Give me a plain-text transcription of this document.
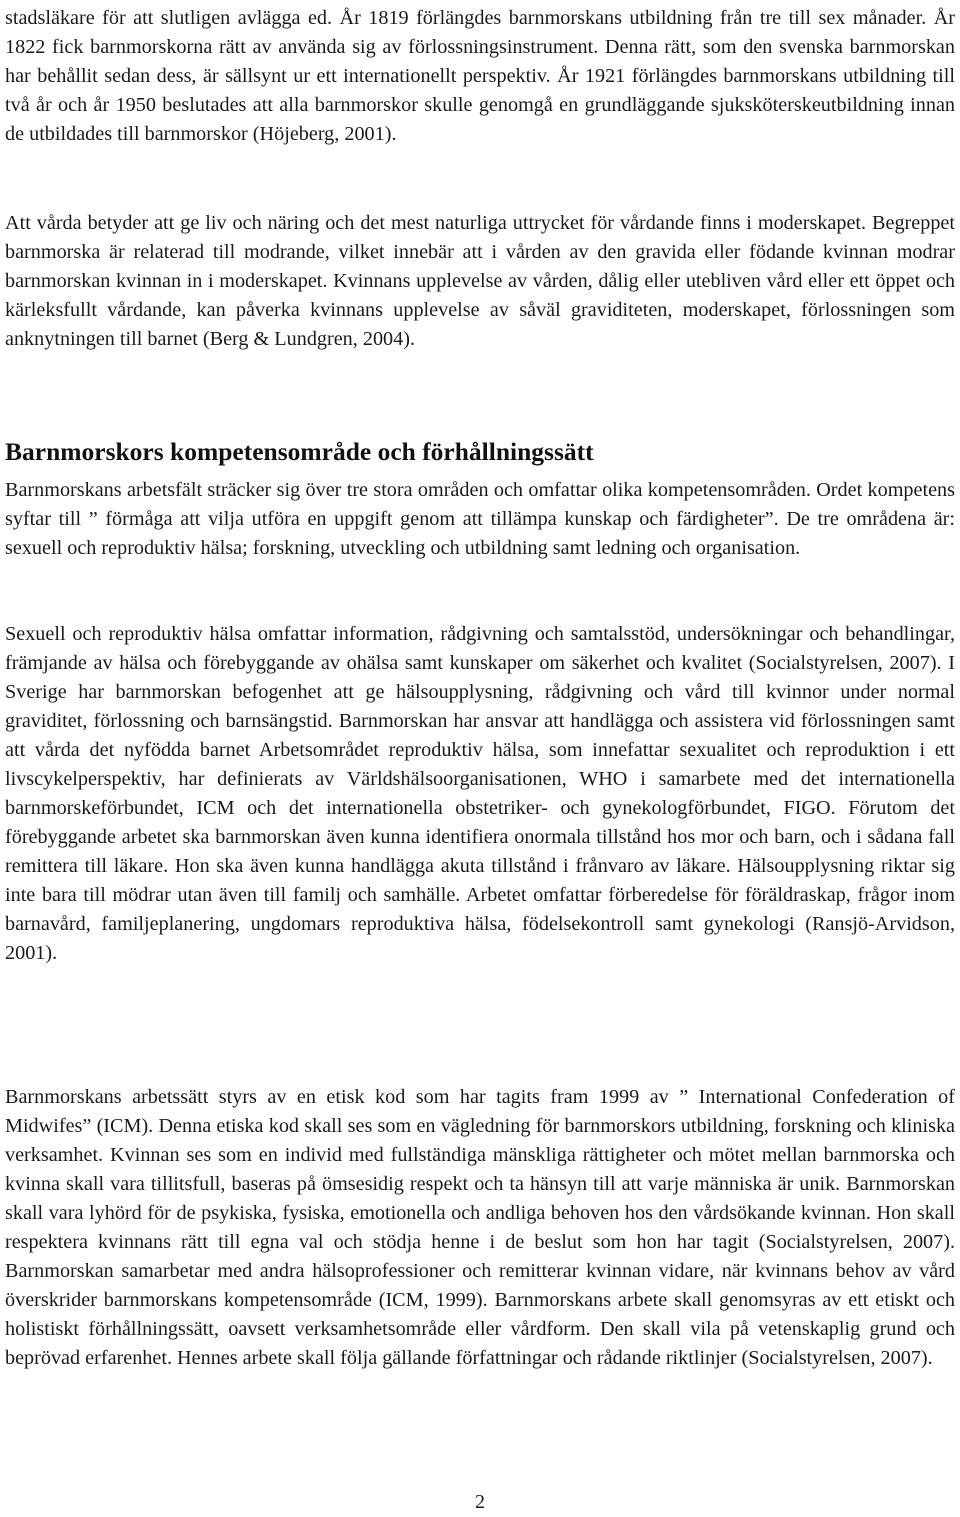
stadsläkare för att slutligen avlägga ed. År 1819 förlängdes barnmorskans utbildning från tre till sex månader. År 1822 fick barnmorskorna rätt av använda sig av förlossningsinstrument. Denna rätt, som den svenska barnmorskan har behållit sedan dess, är sällsynt ur ett internationellt perspektiv. År 1921 förlängdes barnmorskans utbildning till två år och år 1950 beslutades att alla barnmorskor skulle genomgå en grundläggande sjuksköterskeutbildning innan de utbildades till barnmorskor (Höjeberg, 2001).

Att vårda betyder att ge liv och näring och det mest naturliga uttrycket för vårdande finns i moderskapet. Begreppet barnmorska är relaterad till modrande, vilket innebär att i vården av den gravida eller födande kvinnan modrar barnmorskan kvinnan in i moderskapet. Kvinnans upplevelse av vården, dålig eller utebliven vård eller ett öppet och kärleksfullt vårdande, kan påverka kvinnans upplevelse av såväl graviditeten, moderskapet, förlossningen som anknytningen till barnet (Berg & Lundgren, 2004).

Barnmorskors kompetensområde och förhållningssätt

Barnmorskans arbetsfält sträcker sig över tre stora områden och omfattar olika kompetensområden. Ordet kompetens syftar till ” förmåga att vilja utföra en uppgift genom att tillämpa kunskap och färdigheter”. De tre områdena är: sexuell och reproduktiv hälsa; forskning, utveckling och utbildning samt ledning och organisation.

Sexuell och reproduktiv hälsa omfattar information, rådgivning och samtalsstöd, undersökningar och behandlingar, främjande av hälsa och förebyggande av ohälsa samt kunskaper om säkerhet och kvalitet (Socialstyrelsen, 2007). I Sverige har barnmorskan befogenhet att ge hälsoupplysning, rådgivning och vård till kvinnor under normal graviditet, förlossning och barnsängstid. Barnmorskan har ansvar att handlägga och assistera vid förlossningen samt att vårda det nyfödda barnet Arbetsområdet reproduktiv hälsa, som innefattar sexualitet och reproduktion i ett livscykelperspektiv, har definierats av Världshälsoorganisationen, WHO i samarbete med det internationella barnmorskeförbundet, ICM och det internationella obstetriker- och gynekologförbundet, FIGO. Förutom det förebyggande arbetet ska barnmorskan även kunna identifiera onormala tillstånd hos mor och barn, och i sådana fall remittera till läkare. Hon ska även kunna handlägga akuta tillstånd i frånvaro av läkare. Hälsoupplysning riktar sig inte bara till mödrar utan även till familj och samhälle. Arbetet omfattar förberedelse för föräldraskap, frågor inom barnavård, familjeplanering, ungdomars reproduktiva hälsa, födelsekontroll samt gynekologi (Ransjö-Arvidson, 2001).

Barnmorskans arbetssätt styrs av en etisk kod som har tagits fram 1999 av ” International Confederation of Midwifes” (ICM). Denna etiska kod skall ses som en vägledning för barnmorskors utbildning, forskning och kliniska verksamhet. Kvinnan ses som en individ med fullständiga mänskliga rättigheter och mötet mellan barnmorska och kvinna skall vara tillitsfull, baseras på ömsesidig respekt och ta hänsyn till att varje människa är unik. Barnmorskan skall vara lyhörd för de psykiska, fysiska, emotionella och andliga behoven hos den vårdsökande kvinnan. Hon skall respektera kvinnans rätt till egna val och stödja henne i de beslut som hon har tagit (Socialstyrelsen, 2007). Barnmorskan samarbetar med andra hälsoprofessioner och remitterar kvinnan vidare, när kvinnans behov av vård överskrider barnmorskans kompetensområde (ICM, 1999). Barnmorskans arbete skall genomsyras av ett etiskt och holistiskt förhållningssätt, oavsett verksamhetsområde eller vårdform. Den skall vila på vetenskaplig grund och beprövad erfarenhet. Hennes arbete skall följa gällande författningar och rådande riktlinjer (Socialstyrelsen, 2007).

2
